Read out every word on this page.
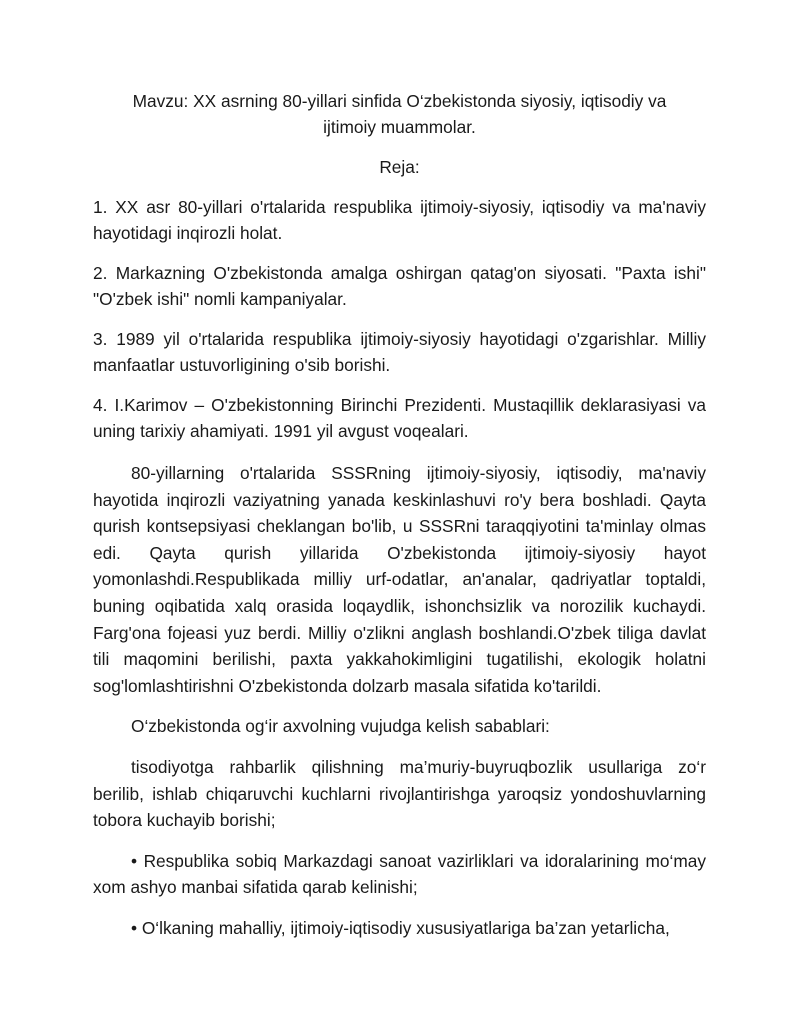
Mavzu: XX asrning 80-yillari sinfida O‘zbekistonda siyosiy, iqtisodiy va
ijtimoiy muammolar.

Reja:

1. XX asr 80-yillari o'rtalarida respublika ijtimoiy-siyosiy, iqtisodiy va ma'naviy hayotidagi inqirozli holat.

2. Markazning O'zbekistonda amalga oshirgan qatag'on siyosati. "Paxta ishi" "O'zbek ishi" nomli kampaniyalar.

3. 1989 yil o'rtalarida respublika ijtimoiy-siyosiy hayotidagi o'zgarishlar. Milliy manfaatlar ustuvorligining o'sib borishi.

4. I.Karimov – O'zbekistonning Birinchi Prezidenti. Mustaqillik deklarasiyasi va uning tarixiy ahamiyati. 1991 yil avgust voqealari.

80-yillarning o'rtalarida SSSRning ijtimoiy-siyosiy, iqtisodiy, ma'naviy hayotida inqirozli vaziyatning yanada keskinlashuvi ro'y bera boshladi. Qayta qurish kontsepsiyasi cheklangan bo'lib, u SSSRni taraqqiyotini ta'minlay olmas edi. Qayta qurish yillarida O'zbekistonda ijtimoiy-siyosiy hayot yomonlashdi.Respublikada milliy urf-odatlar, an'analar, qadriyatlar toptaldi, buning oqibatida xalq orasida loqaydlik, ishonchsizlik va norozilik kuchaydi. Farg'ona fojeasi yuz berdi. Milliy o'zlikni anglash boshlandi.O'zbek tiliga davlat tili maqomini berilishi, paxta yakkahokimligini tugatilishi, ekologik holatni sog'lomlashtirishni O'zbekistonda dolzarb masala sifatida ko'tarildi.

O‘zbekistonda og‘ir axvolning vujudga kelish sabablari:

tisodiyotga rahbarlik qilishning ma’muriy-buyruqbozlik usullariga zo‘r berilib, ishlab chiqaruvchi kuchlarni rivojlantirishga yaroqsiz yondoshuvlarning tobora kuchayib borishi;

• Respublika sobiq Markazdagi sanoat vazirliklari va idoralarining mo‘may xom ashyo manbai sifatida qarab kelinishi;

• O‘lkaning mahalliy, ijtimoiy-iqtisodiy xususiyatlariga ba’zan yetarlicha,
